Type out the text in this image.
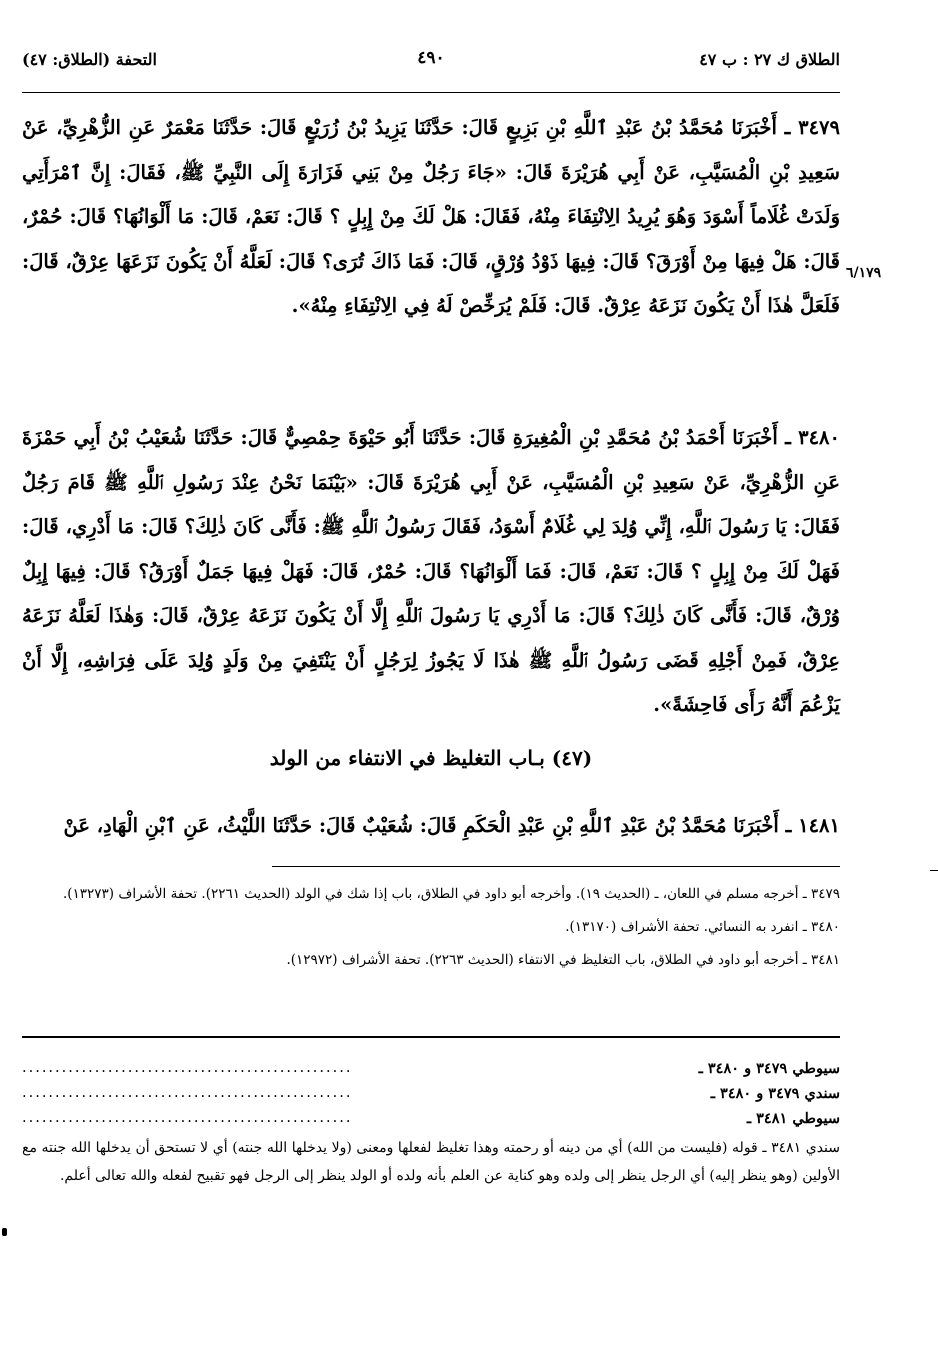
الطلاق ك ٢٧ : ب ٤٧
٤٩٠
التحفة (الطلاق: ٤٧)

٣٤٧٩ ـ أَخْبَرَنَا مُحَمَّدُ بْنُ عَبْدِ ٱللَّهِ بْنِ بَزِيعٍ قَالَ: حَدَّثَنَا يَزِيدُ بْنُ زُرَيْعٍ قَالَ: حَدَّثَنَا مَعْمَرٌ عَنِ الزُّهْرِيِّ، عَنْ سَعِيدِ بْنِ الْمُسَيَّبِ، عَنْ أَبِي هُرَيْرَةَ قَالَ: «جَاءَ رَجُلٌ مِنْ بَنِي فَزَارَةَ إِلَى النَّبِيِّ ﷺ، فَقَالَ: إِنَّ ٱمْرَأَتِي وَلَدَتْ غُلَاماً أَسْوَدَ وَهُوَ يُرِيدُ الِانْتِفَاءَ مِنْهُ، فَقَالَ: هَلْ لَكَ مِنْ إِبِلٍ ؟ قَالَ: نَعَمْ، قَالَ: مَا أَلْوَانُهَا؟ قَالَ: حُمْرٌ، قَالَ: هَلْ فِيهَا مِنْ أَوْرَقَ؟ قَالَ: فِيهَا ذَوْدُ وُرْقٍ، قَالَ: فَمَا ذَاكَ تُرَى؟ قَالَ: لَعَلَّهُ أَنْ يَكُونَ نَزَعَهَا عِرْقٌ، قَالَ: فَلَعَلَّ هٰذَا أَنْ يَكُونَ نَزَعَهُ عِرْقٌ. قَالَ: فَلَمْ يُرَخِّصْ لَهُ فِي الِانْتِفَاءِ مِنْهُ».

٣٤٨٠ ـ أَخْبَرَنَا أَحْمَدُ بْنُ مُحَمَّدِ بْنِ الْمُغِيرَةِ قَالَ: حَدَّثَنَا أَبُو حَيْوَةَ حِمْصِيٌّ قَالَ: حَدَّثَنَا شُعَيْبُ بْنُ أَبِي حَمْزَةَ عَنِ الزُّهْرِيِّ، عَنْ سَعِيدِ بْنِ الْمُسَيَّبِ، عَنْ أَبِي هُرَيْرَةَ قَالَ: «بَيْنَمَا نَحْنُ عِنْدَ رَسُولِ ٱللَّهِ ﷺ قَامَ رَجُلٌ فَقَالَ: يَا رَسُولَ ٱللَّهِ، إِنِّي وُلِدَ لِي غُلَامٌ أَسْوَدُ، فَقَالَ رَسُولُ ٱللَّهِ ﷺ: فَأَنَّى كَانَ ذٰلِكَ؟ قَالَ: مَا أَدْرِي، قَالَ: فَهَلْ لَكَ مِنْ إِبِلٍ ؟ قَالَ: نَعَمْ، قَالَ: فَمَا أَلْوَانُهَا؟ قَالَ: حُمْرٌ، قَالَ: فَهَلْ فِيهَا جَمَلٌ أَوْرَقُ؟ قَالَ: فِيهَا إِبِلٌ وُرْقٌ، قَالَ: فَأَنَّى كَانَ ذٰلِكَ؟ قَالَ: مَا أَدْرِي يَا رَسُولَ ٱللَّهِ إِلَّا أَنْ يَكُونَ نَزَعَهُ عِرْقٌ، قَالَ: وَهٰذَا لَعَلَّهُ نَزَعَهُ عِرْقٌ، فَمِنْ أَجْلِهِ قَضَى رَسُولُ ٱللَّهِ ﷺ هٰذَا لَا يَجُوزُ لِرَجُلٍ أَنْ يَنْتَفِيَ مِنْ وَلَدٍ وُلِدَ عَلَى فِرَاشِهِ، إِلَّا أَنْ يَزْعُمَ أَنَّهُ رَأَى فَاحِشَةً».

(٤٧) بـاب التغليظ في الانتفاء من الولد

١٤٨١ ـ أَخْبَرَنَا مُحَمَّدُ بْنُ عَبْدِ ٱللَّهِ بْنِ عَبْدِ الْحَكَمِ قَالَ: شُعَيْبٌ قَالَ: حَدَّثَنَا اللَّيْثُ، عَنِ ٱبْنِ الْهَادِ، عَنْ

٣٤٧٩ ـ أخرجه مسلم في اللعان، ـ (الحديث ١٩). وأخرجه أبو داود في الطلاق، باب إذا شك في الولد (الحديث ٢٢٦١). تحفة الأشراف (١٣٢٧٣).

٣٤٨٠ ـ انفرد به النسائي. تحفة الأشراف (١٣١٧٠).

٣٤٨١ ـ أخرجه أبو داود في الطلاق، باب التغليظ في الانتفاء (الحديث ٢٢٦٣). تحفة الأشراف (١٢٩٧٢).

سيوطي ٣٤٧٩ و ٣٤٨٠ ـ
..................................................
سندي ٣٤٧٩ و ٣٤٨٠ ـ
..................................................
سيوطي ٣٤٨١ ـ
..................................................
سندي ٣٤٨١ ـ قوله (فليست من الله) أي من دينه أو رحمته وهذا تغليظ لفعلها ومعنى (ولا يدخلها الله جنته) أي لا تستحق أن يدخلها الله جنته مع الأولين (وهو ينظر إليه) أي الرجل ينظر إلى ولده وهو كناية عن العلم بأنه ولده أو الولد ينظر إلى الرجل فهو تقبيح لفعله والله تعالى أعلم.
٦/١٧٩
